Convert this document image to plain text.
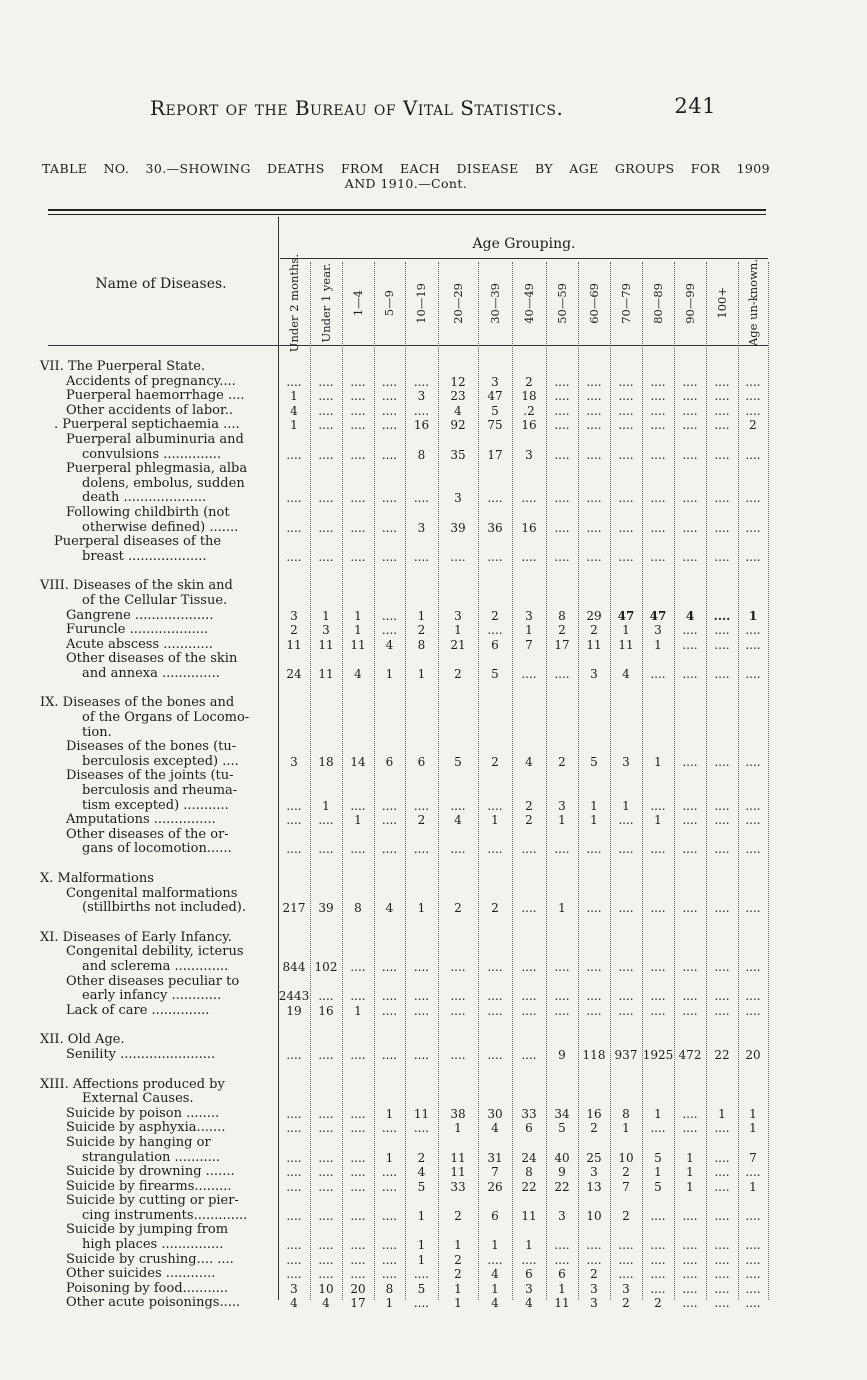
Report of the Bureau of Vital Statistics.	241
TABLE NO. 30.—SHOWING DEATHS FROM EACH DISEASE BY AGE GROUPS FOR 1909
AND 1910.—Cont.
Age Grouping.
Name of Diseases.	Under 2 months. Under 1 year. 1—4 5—9 10—19 20—29 30—39 40—49 50—59 60—69 70—79 80—89 90—99 100+ Age un-known.
VII. The Puerperal State.
Accidents of pregnancy....	....	....	....	....	....	12	3	2	....	....	....	....	....	....	....
Puerperal haemorrhage ....	1	....	....	....	3	23	47	18	....	....	....	....	....	....	....
Other accidents of labor..	4	....	....	....	....	4	5	.2	....	....	....	....	....	....	....
. Puerperal septichaemia ....	1	....	....	....	16	92	75	16	....	....	....	....	....	....	2
Puerperal albuminuria and
convulsions ..............	....	....	....	....	8	35	17	3	....	....	....	....	....	....	....
Puerperal phlegmasia, alba
dolens, embolus, sudden
death ....................	....	....	....	....	....	3	....	....	....	....	....	....	....	....	....
Following childbirth (not
otherwise defined) .......	....	....	....	....	3	39	36	16	....	....	....	....	....	....	....
Puerperal diseases of the
breast ...................	....	....	....	....	....	....	....	....	....	....	....	....	....	....	....
VIII. Diseases of the skin and
of the Cellular Tissue.
Gangrene ...................	3	1	1	....	1	3	2	3	8	29	47	47	4	....	1
Furuncle ...................	2	3	1	....	2	1	....	1	2	2	1	3	....	....	....
Acute abscess ............	11	11	11	4	8	21	6	7	17	11	11	1	....	....	....
Other diseases of the skin
and annexa ..............	24	11	4	1	1	2	5	....	....	3	4	....	....	....	....
IX. Diseases of the bones and
of the Organs of Locomo-
tion.
Diseases of the bones (tu-
berculosis excepted) ....	3	18	14	6	6	5	2	4	2	5	3	1	....	....	....
Diseases of the joints (tu-
berculosis and rheuma-
tism excepted) ...........	....	1	....	....	....	....	....	2	3	1	1	....	....	....	....
Amputations ...............	....	....	1	....	2	4	1	2	1	1	....	1	....	....	....
Other diseases of the or-
gans of locomotion......	....	....	....	....	....	....	....	....	....	....	....	....	....	....	....
X. Malformations
Congenital malformations
(stillbirths not included).	217	39	8	4	1	2	2	....	1	....	....	....	....	....	....
XI. Diseases of Early Infancy.
Congenital debility, icterus
and sclerema .............	844 102	....	....	....	....	....	....	....	....	....	....	....	....	....
Other diseases peculiar to
early infancy ............	2443 ....	....	....	....	....	....	....	....	....	....	....	....	....	....
Lack of care ..............	19	16	1	....	....	....	....	....	....	....	....	....	....	....	....
XII. Old Age.
Senility .......................	....	....	....	....	....	....	....	....	9	118 937 1925 472	22	20
XIII. Affections produced by
External Causes.
Suicide by poison ........	....	....	....	1	11	38	30	33	34	16	8	1	....	1	1
Suicide by asphyxia.......	....	....	....	....	....	1	4	6	5	2	1	....	....	....	1
Suicide by hanging or
strangulation ...........	....	....	....	1	2	11	31	24	40	25	10	5	1	....	7
Suicide by drowning .......	....	....	....	....	4	11	7	8	9	3	2	1	1	....	....
Suicide by firearms.........	....	....	....	....	5	33	26	22	22	13	7	5	1	....	1
Suicide by cutting or pier-
cing instruments.............	....	....	....	....	1	2	6	11	3	10	2	....	....	....	....
Suicide by jumping from
high places ...............	....	....	....	....	1	1	1	1	....	....	....	....	....	....	....
Suicide by crushing.... ....	....	....	....	....	1	2	....	....	....	....	....	....	....	....	....
Other suicides ............	....	....	....	....	....	2	4	6	6	2	....	....	....	....	....
Poisoning by food...........	3	10	20	8	5	1	1	3	1	3	3	....	....	....	....
Other acute poisonings.....	4	4	17	1	....	1	4	4	11	3	2	2	....	....	....
